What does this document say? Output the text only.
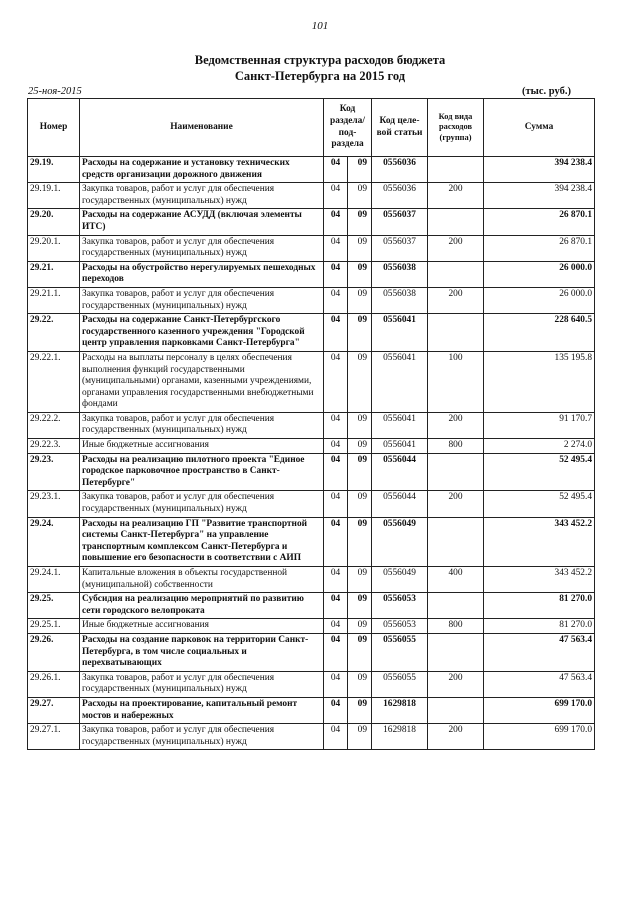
101
Ведомственная структура расходов бюджета
Санкт-Петербурга на 2015 год
25-ноя-2015	(тыс. руб.)
Номер	Наименование	Код раздела/ под-раздела		Код целе-вой статьи	Код вида расходов (группа)	Сумма
29.19.	Расходы на содержание и установку технических средств организации дорожного движения	04	09	0556036		394 238.4
29.19.1.	Закупка товаров, работ и услуг для обеспечения государственных (муниципальных) нужд	04	09	0556036	200	394 238.4
29.20.	Расходы на содержание АСУДД (включая элементы ИТС)	04	09	0556037		26 870.1
29.20.1.	Закупка товаров, работ и услуг для обеспечения государственных (муниципальных) нужд	04	09	0556037	200	26 870.1
29.21.	Расходы на обустройство нерегулируемых пешеходных переходов	04	09	0556038		26 000.0
29.21.1.	Закупка товаров, работ и услуг для обеспечения государственных (муниципальных) нужд	04	09	0556038	200	26 000.0
29.22.	Расходы на содержание Санкт-Петербургского государственного казенного учреждения "Городской центр управления парковками Санкт-Петербурга"	04	09	0556041		228 640.5
29.22.1.	Расходы на выплаты персоналу в целях обеспечения выполнения функций государственными (муниципальными) органами, казенными учреждениями, органами управления государственными внебюджетными фондами	04	09	0556041	100	135 195.8
29.22.2.	Закупка товаров, работ и услуг для обеспечения государственных (муниципальных) нужд	04	09	0556041	200	91 170.7
29.22.3.	Иные бюджетные ассигнования	04	09	0556041	800	2 274.0
29.23.	Расходы на реализацию пилотного проекта "Единое городское парковочное пространство в Санкт-Петербурге"	04	09	0556044		52 495.4
29.23.1.	Закупка товаров, работ и услуг для обеспечения государственных (муниципальных) нужд	04	09	0556044	200	52 495.4
29.24.	Расходы на реализацию ГП "Развитие транспортной системы Санкт-Петербурга" на управление транспортным комплексом Санкт-Петербурга и повышение его безопасности в соответствии с АИП	04	09	0556049		343 452.2
29.24.1.	Капитальные вложения в объекты государственной (муниципальной) собственности	04	09	0556049	400	343 452.2
29.25.	Субсидия на реализацию мероприятий по развитию сети городского велопроката	04	09	0556053		81 270.0
29.25.1.	Иные бюджетные ассигнования	04	09	0556053	800	81 270.0
29.26.	Расходы на создание парковок на территории Санкт-Петербурга, в том числе социальных и перехватывающих	04	09	0556055		47 563.4
29.26.1.	Закупка товаров, работ и услуг для обеспечения государственных (муниципальных) нужд	04	09	0556055	200	47 563.4
29.27.	Расходы на проектирование, капитальный ремонт мостов и набережных	04	09	1629818		699 170.0
29.27.1.	Закупка товаров, работ и услуг для обеспечения государственных (муниципальных) нужд	04	09	1629818	200	699 170.0
